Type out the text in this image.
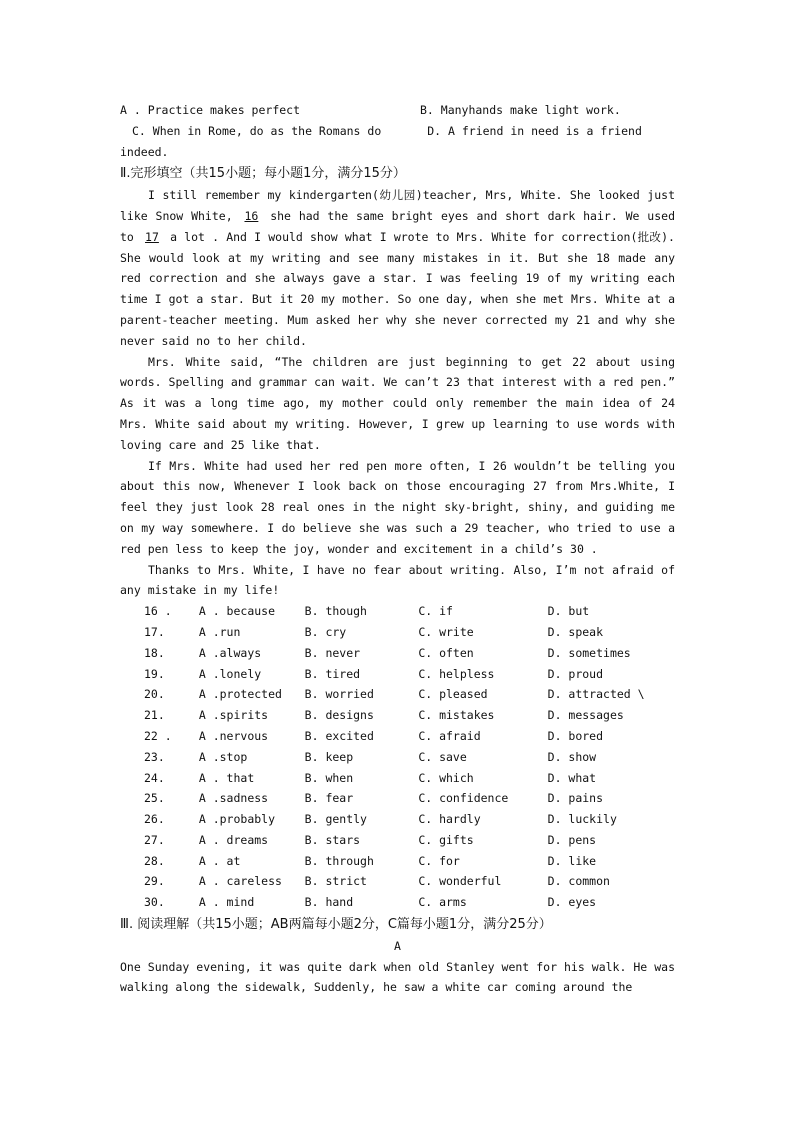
A . Practice makes perfect	B. Manyhands make light work.
C. When in Rome, do as the Romans do	D. A friend in need is a friend
indeed.
Ⅱ.完形填空（共15小题；每小题1分，满分15分）
I still remember my kindergarten(幼儿园)teacher, Mrs, White. She looked just like Snow White, 16 she had the same bright eyes and short dark hair. We used to 17 a lot . And I would show what I wrote to Mrs. White for correction(批改). She would look at my writing and see many mistakes in it. But she 18 made any red correction and she always gave a star. I was feeling 19 of my writing each time I got a star. But it 20 my mother. So one day, when she met Mrs. White at a parent-teacher meeting. Mum asked her why she never corrected my 21 and why she never said no to her child.
Mrs. White said, “The children are just beginning to get 22 about using words. Spelling and grammar can wait. We can’t 23 that interest with a red pen.” As it was a long time ago, my mother could only remember the main idea of 24 Mrs. White said about my writing. However, I grew up learning to use words with loving care and 25 like that.
If Mrs. White had used her red pen more often, I 26 wouldn’t be telling you about this now, Whenever I look back on those encouraging 27 from Mrs.White, I feel they just look 28 real ones in the night sky-bright, shiny, and guiding me on my way somewhere. I do believe she was such a 29 teacher, who tried to use a red pen less to keep the joy, wonder and excitement in a child’s 30 .
Thanks to Mrs. White, I have no fear about writing. Also, I’m not afraid of any mistake in my life!
16 .	A . because	B. though	C. if	D. but
17.	A .run	B. cry	C. write	D. speak
18.	A .always	B. never	C. often	D. sometimes
19.	A .lonely	B. tired	C. helpless	D. proud
20.	A .protected	B. worried	C. pleased	D. attracted \
21.	A .spirits	B. designs	C. mistakes	D. messages
22 .	A .nervous	B. excited	C. afraid	D. bored
23.	A .stop	B. keep	C. save	D. show
24.	A . that	B. when	C. which	D. what
25.	A .sadness	B. fear	C. confidence	D. pains
26.	A .probably	B. gently	C. hardly	D. luckily
27.	A . dreams	B. stars	C. gifts	D. pens
28.	A . at	B. through	C. for	D. like
29.	A . careless	B. strict	C. wonderful	D. common
30.	A . mind	B. hand	C. arms	D. eyes
Ⅲ. 阅读理解（共15小题；AB两篇每小题2分，C篇每小题1分，满分25分）
A
One Sunday evening, it was quite dark when old Stanley went for his walk. He was walking along the sidewalk, Suddenly, he saw a white car coming around the
